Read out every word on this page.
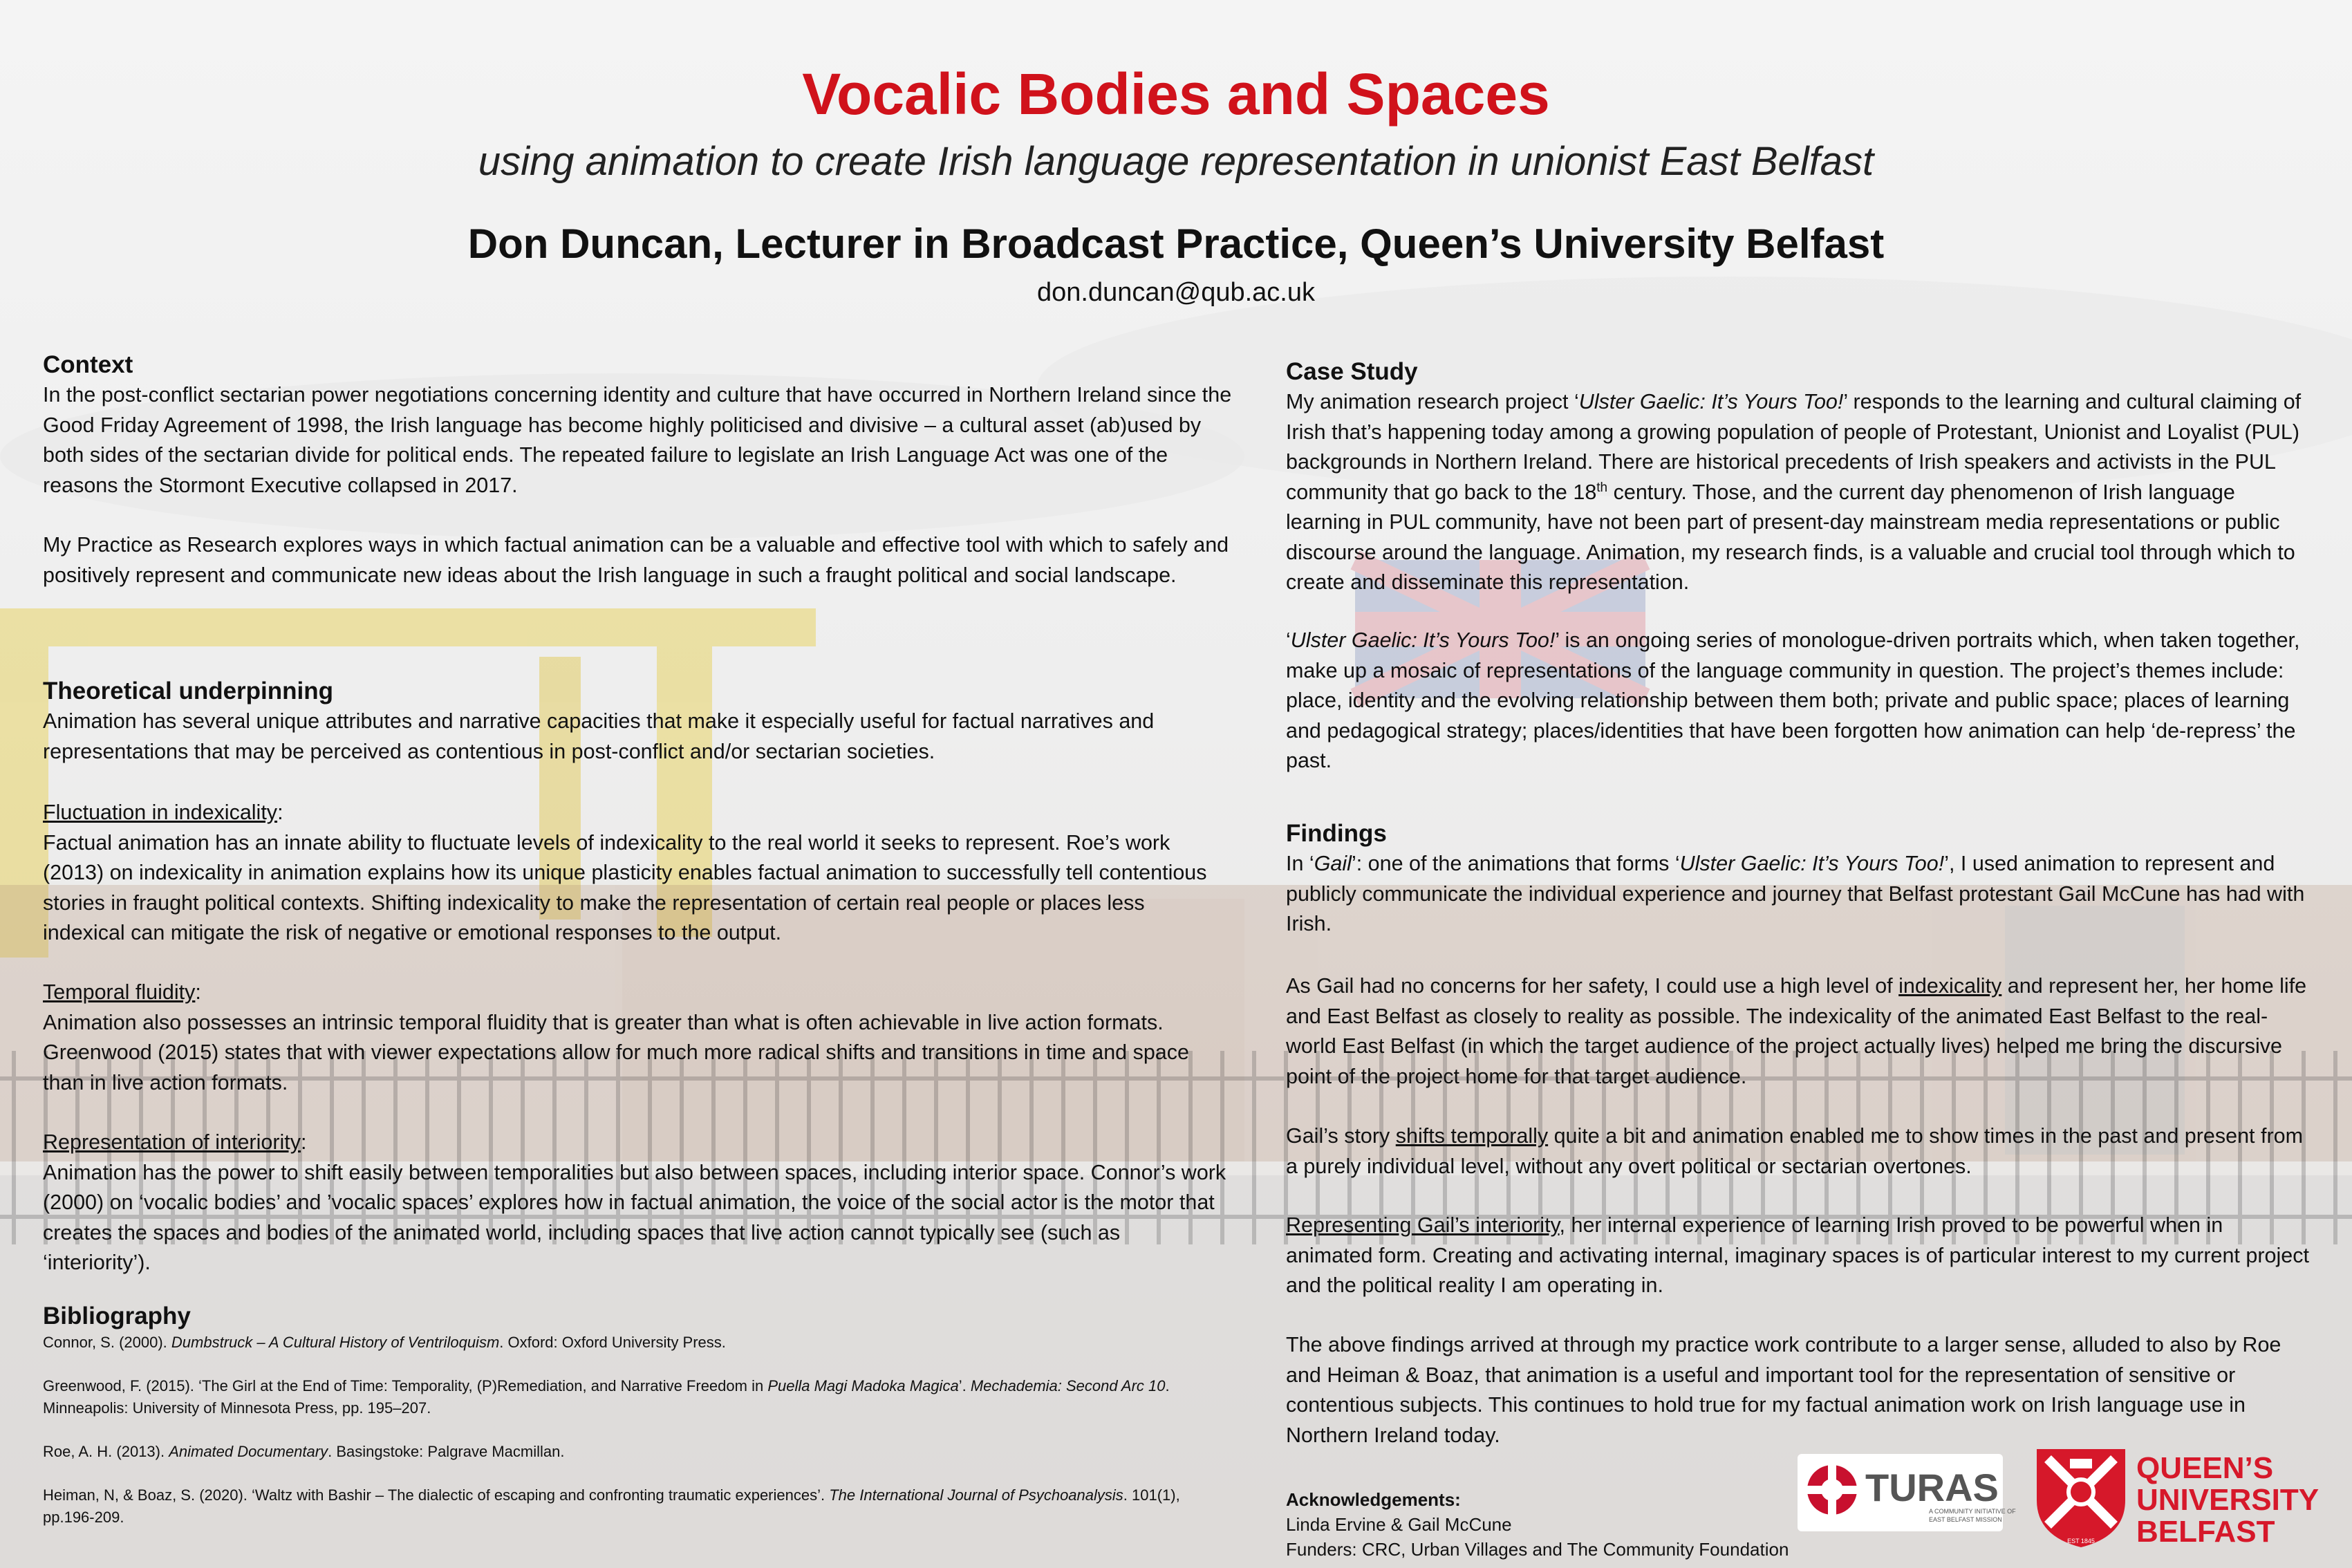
Vocalic Bodies and Spaces
using animation to create Irish language representation in unionist East Belfast
Don Duncan, Lecturer in Broadcast Practice, Queen’s University Belfast
don.duncan@qub.ac.uk
Context
In the post-conflict sectarian power negotiations concerning identity and culture that have occurred in Northern Ireland since the Good Friday Agreement of 1998, the Irish language has become highly politicised and divisive – a cultural asset (ab)used by both sides of the sectarian divide for political ends. The repeated failure to legislate an Irish Language Act was one of the reasons the Stormont Executive collapsed in 2017.
My Practice as Research explores ways in which factual animation can be a valuable and effective tool with which to safely and positively represent and communicate new ideas about the Irish language in such a fraught political and social landscape.
Theoretical underpinning
Animation has several unique attributes and narrative capacities that make it especially useful for factual narratives and representations that may be perceived as contentious in post-conflict and/or sectarian societies.
Fluctuation in indexicality:
Factual animation has an innate ability to fluctuate levels of indexicality to the real world it seeks to represent. Roe’s work (2013) on indexicality in animation explains how its unique plasticity enables factual animation to successfully tell contentious stories in fraught political contexts. Shifting indexicality to make the representation of certain real people or places less indexical can mitigate the risk of negative or emotional responses to the output.
Temporal fluidity:
Animation also possesses an intrinsic temporal fluidity that is greater than what is often achievable in live action formats. Greenwood (2015) states that with viewer expectations allow for much more radical shifts and transitions in time and space than in live action formats.
Representation of interiority:
Animation has the power to shift easily between temporalities but also between spaces, including interior space. Connor’s work (2000) on ‘vocalic bodies’ and ’vocalic spaces’ explores how in factual animation, the voice of the social actor is the motor that creates the spaces and bodies of the animated world, including spaces that live action cannot typically see (such as ‘interiority’).
Bibliography
Connor, S. (2000). Dumbstruck – A Cultural History of Ventriloquism. Oxford: Oxford University Press.
Greenwood, F. (2015). ‘The Girl at the End of Time: Temporality, (P)Remediation, and Narrative Freedom in Puella Magi Madoka Magica’. Mechademia: Second Arc 10. Minneapolis: University of Minnesota Press, pp. 195–207.
Roe, A. H. (2013). Animated Documentary. Basingstoke: Palgrave Macmillan.
Heiman, N, & Boaz, S. (2020). ‘Waltz with Bashir – The dialectic of escaping and confronting traumatic experiences’. The International Journal of Psychoanalysis. 101(1), pp.196-209.
Case Study
My animation research project ‘Ulster Gaelic: It’s Yours Too!’ responds to the learning and cultural claiming of Irish that’s happening today among a growing population of people of Protestant, Unionist and Loyalist (PUL) backgrounds in Northern Ireland. There are historical precedents of Irish speakers and activists in the PUL community that go back to the 18th century. Those, and the current day phenomenon of Irish language learning in PUL community, have not been part of present-day mainstream media representations or public discourse around the language. Animation, my research finds, is a valuable and crucial tool through which to create and disseminate this representation.
‘Ulster Gaelic: It’s Yours Too!’ is an ongoing series of monologue-driven portraits which, when taken together, make up a mosaic of representations of the language community in question. The project’s themes include: place, identity and the evolving relationship between them both; private and public space; places of learning and pedagogical strategy; places/identities that have been forgotten how animation can help ‘de-repress’ the past.
Findings
In ‘Gail’: one of the animations that forms ‘Ulster Gaelic: It’s Yours Too!’, I used animation to represent and publicly communicate the individual experience and journey that Belfast protestant Gail McCune has had with Irish.
As Gail had no concerns for her safety, I could use a high level of indexicality and represent her, her home life and East Belfast as closely to reality as possible. The indexicality of the animated East Belfast to the real-world East Belfast (in which the target audience of the project actually lives) helped me bring the discursive point of the project home for that target audience.
Gail’s story shifts temporally quite a bit and animation enabled me to show times in the past and present from a purely individual level, without any overt political or sectarian overtones.
Representing Gail’s interiority, her internal experience of learning Irish proved to be powerful when in animated form. Creating and activating internal, imaginary spaces is of particular interest to my current project and the political reality I am operating in.
The above findings arrived at through my practice work contribute to a larger sense, alluded to also by Roe and Heiman & Boaz, that animation is a useful and important tool for the representation of sensitive or contentious subjects. This continues to hold true for my factual animation work on Irish language use in Northern Ireland today.
Acknowledgements:
Linda Ervine & Gail McCune
Funders: CRC, Urban Villages and The Community Foundation
TURAS
A COMMUNITY INITIATIVE OF
EAST BELFAST MISSION
EST 1845
QUEEN’S
UNIVERSITY
BELFAST
